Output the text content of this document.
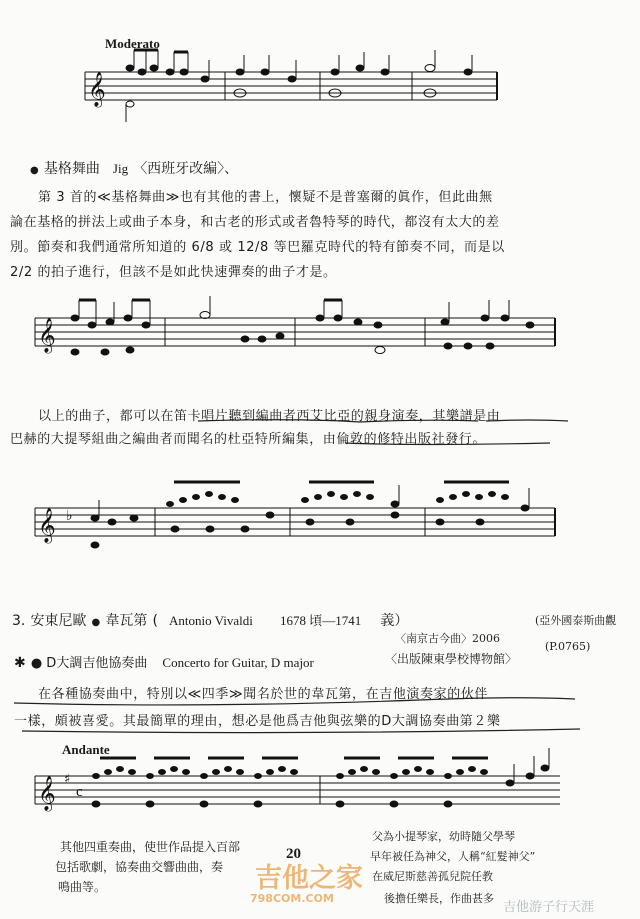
Moderato
𝄞
𝄞
𝄞 ♭
𝄞 ♯
c
● 基格舞曲 Jig 〈西班牙改編〉、
第 3 首的≪基格舞曲≫也有其他的書上，懷疑不是普塞爾的眞作，但此曲無
論在基格的拼法上或曲子本身，和古老的形式或者魯特琴的時代，都沒有太大的差
別。節奏和我們通常所知道的 6/8 或 12/8 等巴羅克時代的特有節奏不同，而是以
2/2 的拍子進行，但該不是如此快速彈奏的曲子才是。
以上的曲子，都可以在笛卡唱片聽到編曲者西艾比亞的親身演奏，其樂譜是由
巴赫的大提琴組曲之編曲者而聞名的杜亞特所編集，由倫敦的修特出版社發行。
3. 安東尼歐 ● 韋瓦第 ( Antonio Vivaldi 1678 頃—1741 義）	(亞外國泰斯曲觀
(P.0765)
〈南京古今曲〉2006
〈出版陳東學校博物館〉
✱ ● D大調吉他協奏曲 Concerto for Guitar, D major
在各種協奏曲中，特別以≪四季≫聞名於世的韋瓦第，在吉他演奏家的伙伴
一樣，頗被喜愛。其最簡單的理由，想必是他爲吉他與弦樂的D大調協奏曲第２樂
Andante
其他四重奏曲，使世作品提入百部
包括歌劇，協奏曲交響曲曲，奏
鳴曲等。
父為小提琴家，幼時隨父學琴
早年被任為神父，人稱“紅髮神父”
在威尼斯慈善孤兒院任教
後擔任樂長，作曲甚多
20
吉他之家
798COM.COM
吉他游子行天涯
